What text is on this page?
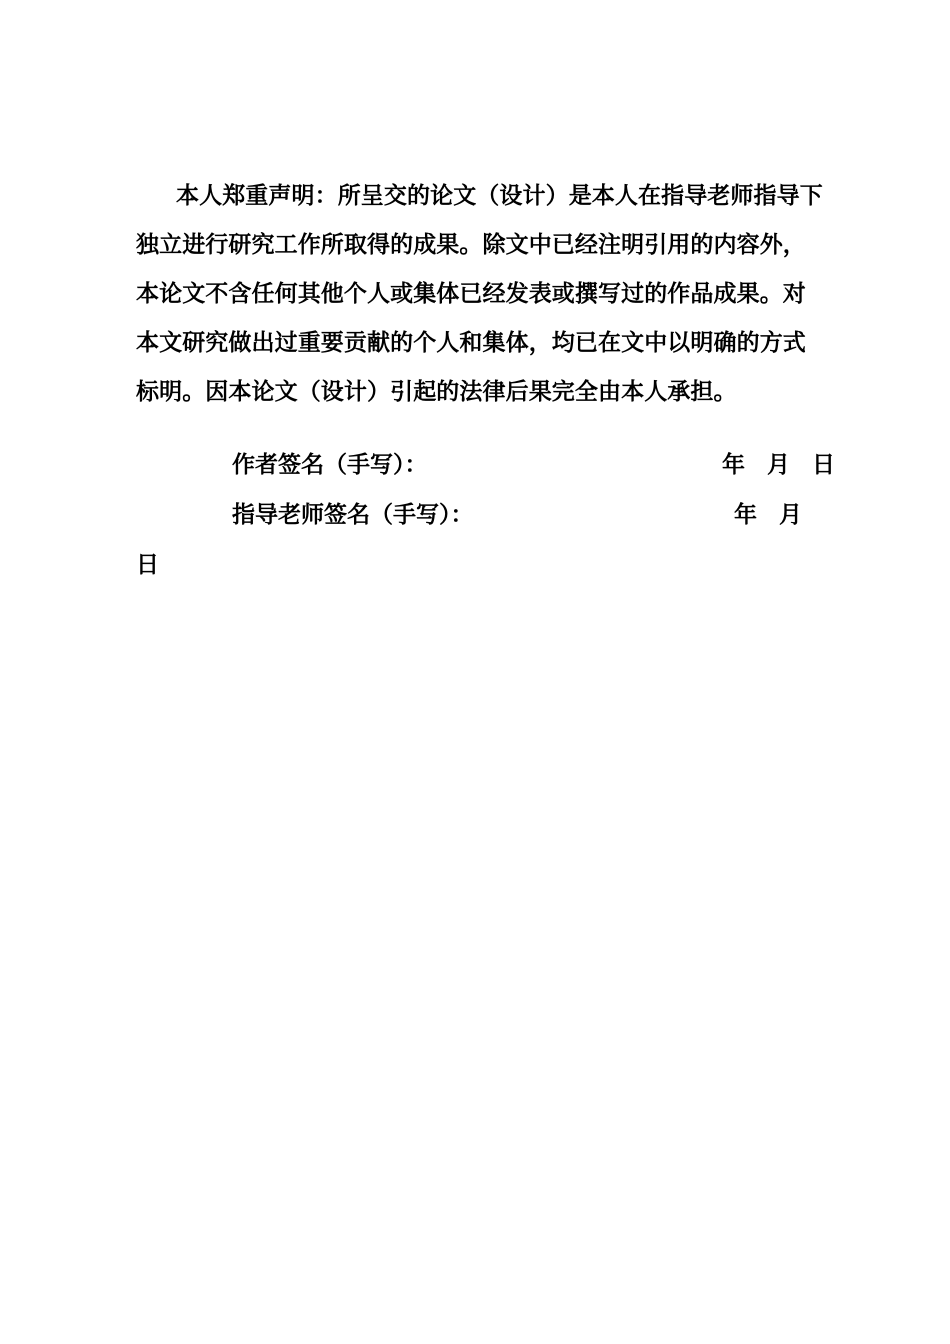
本人郑重声明：所呈交的论文（设计）是本人在指导老师指导下
独立进行研究工作所取得的成果。除文中已经注明引用的内容外，
本论文不含任何其他个人或集体已经发表或撰写过的作品成果。对
本文研究做出过重要贡献的个人和集体，均已在文中以明确的方式
标明。因本论文（设计）引起的法律后果完全由本人承担。
作者签名（手写）：	年 月 日
指导老师签名（手写）：	年 月
日
